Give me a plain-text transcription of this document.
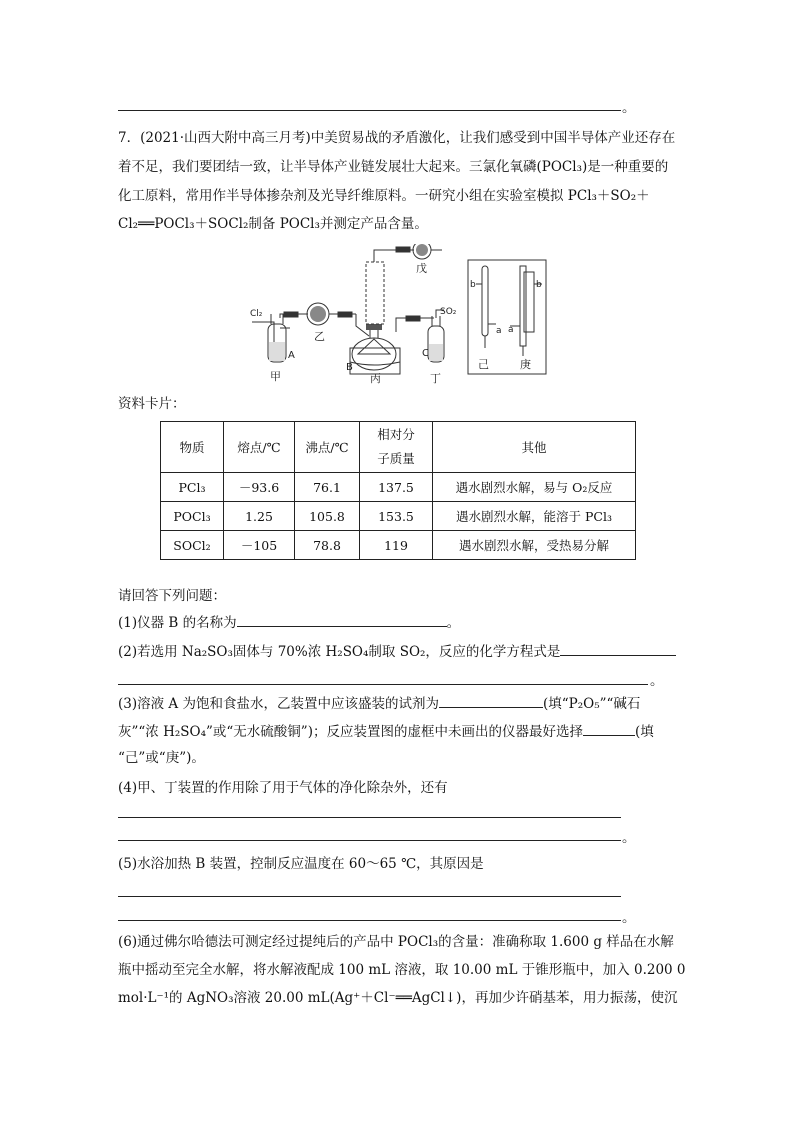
。
7．(2021·山西大附中高三月考)中美贸易战的矛盾激化，让我们感受到中国半导体产业还存在
着不足，我们要团结一致，让半导体产业链发展壮大起来。三氯化氧磷(POCl₃)是一种重要的
化工原料，常用作半导体掺杂剂及光导纤维原料。一研究小组在实验室模拟 PCl₃＋SO₂＋
Cl₂══POCl₃＋SOCl₂制备 POCl₃并测定产品含量。
Cl₂
A
甲
乙
B
丙
戊
SO₂
C
丁
b
a
己
b
a
庚
资料卡片：
物质	熔点/℃	沸点/℃	相对分
子质量	其他
PCl₃	－93.6	76.1	137.5	遇水剧烈水解，易与 O₂反应
POCl₃	1.25	105.8	153.5	遇水剧烈水解，能溶于 PCl₃
SOCl₂	－105	78.8	119	遇水剧烈水解，受热易分解
请回答下列问题：
(1)仪器 B 的名称为	。
(2)若选用 Na₂SO₃固体与 70%浓 H₂SO₄制取 SO₂，反应的化学方程式是
。
(3)溶液 A 为饱和食盐水，乙装置中应该盛装的试剂为	(填“P₂O₅”“碱石
灰”“浓 H₂SO₄”或“无水硫酸铜”)；反应装置图的虚框中未画出的仪器最好选择	(填
“己”或“庚”)。
(4)甲、丁装置的作用除了用于气体的净化除杂外，还有
。
(5)水浴加热 B 装置，控制反应温度在 60～65 ℃，其原因是
。
(6)通过佛尔哈德法可测定经过提纯后的产品中 POCl₃的含量：准确称取 1.600 g 样品在水解
瓶中摇动至完全水解，将水解液配成 100 mL 溶液，取 10.00 mL 于锥形瓶中，加入 0.200 0
mol·L⁻¹的 AgNO₃溶液 20.00 mL(Ag⁺＋Cl⁻══AgCl↓)，再加少许硝基苯，用力振荡，使沉
